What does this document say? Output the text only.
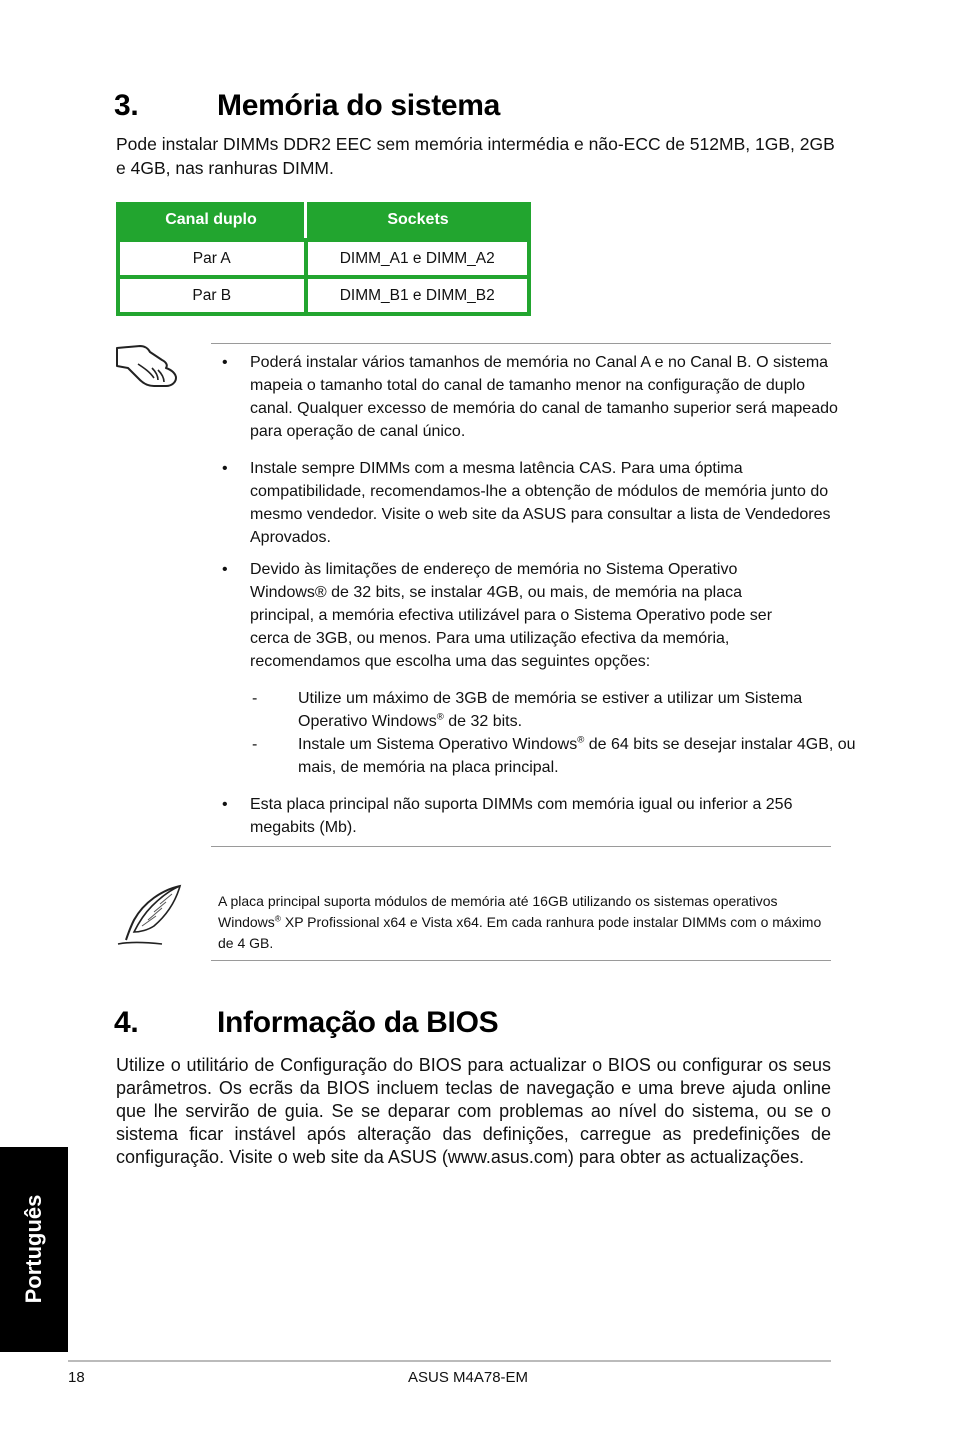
3.	Memória do sistema
Pode instalar DIMMs DDR2 EEC sem memória intermédia e não-ECC de 512MB, 1GB, 2GB e 4GB, nas ranhuras DIMM.
Canal duplo	Sockets
Par A	DIMM_A1 e DIMM_A2
Par B	DIMM_B1 e DIMM_B2
• Poderá instalar vários tamanhos de memória no Canal A e no Canal B. O sistema mapeia o tamanho total do canal de tamanho menor na configuração de duplo canal. Qualquer excesso de memória do canal de tamanho superior será mapeado para operação de canal único.
• Instale sempre DIMMs com a mesma latência CAS. Para uma óptima compatibilidade, recomendamos-lhe a obtenção de módulos de memória junto do mesmo vendedor. Visite o web site da ASUS para consultar a lista de Vendedores Aprovados.
• Devido às limitações de endereço de memória no Sistema Operativo Windows® de 32 bits, se instalar 4GB, ou mais, de memória na placa principal, a memória efectiva utilizável para o Sistema Operativo pode ser cerca de 3GB, ou menos. Para uma utilização efectiva da memória, recomendamos que escolha uma das seguintes opções:
-	Utilize um máximo de 3GB de memória se estiver a utilizar um Sistema Operativo Windows® de 32 bits.
-	Instale um Sistema Operativo Windows® de 64 bits se desejar instalar 4GB, ou mais, de memória na placa principal.
• Esta placa principal não suporta DIMMs com memória igual ou inferior a 256 megabits (Mb).
A placa principal suporta módulos de memória até 16GB utilizando os sistemas operativos Windows® XP Profissional x64 e Vista x64. Em cada ranhura pode instalar DIMMs com o máximo de 4 GB.
4.	Informação da BIOS
Utilize o utilitário de Configuração do BIOS para actualizar o BIOS ou configurar os seus parâmetros. Os ecrãs da BIOS incluem teclas de navegação e uma breve ajuda online que lhe servirão de guia. Se se deparar com problemas ao nível do sistema, ou se o sistema ficar instável após alteração das definições, carregue as predefinições de configuração. Visite o web site da ASUS (www.asus.com) para obter as actualizações.
Português
18	ASUS M4A78-EM
